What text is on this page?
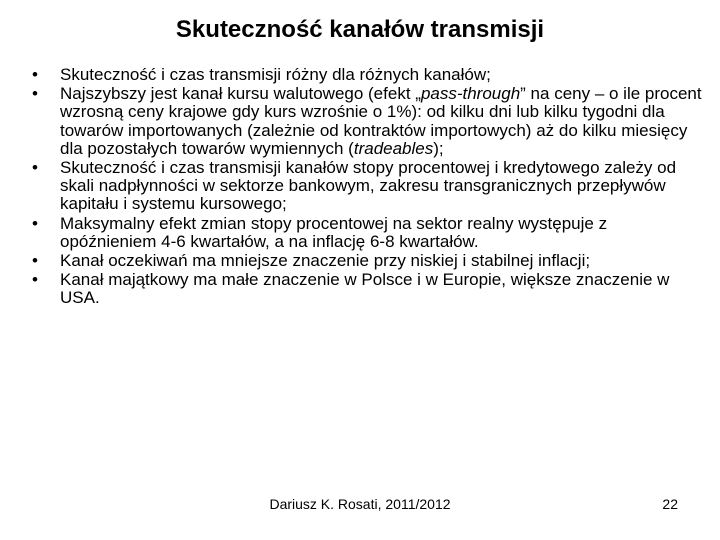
Skuteczność kanałów transmisji
• Skuteczność i czas transmisji różny dla różnych kanałów;
• Najszybszy jest kanał kursu walutowego (efekt „pass-through” na ceny – o ile procent wzrosną ceny krajowe gdy kurs wzrośnie o 1%): od kilku dni lub kilku tygodni dla towarów importowanych (zależnie od kontraktów importowych) aż do kilku miesięcy dla pozostałych towarów wymiennych (tradeables);
• Skuteczność i czas transmisji kanałów stopy procentowej i kredytowego zależy od skali nadpłynności w sektorze bankowym, zakresu transgranicznych przepływów kapitału i systemu kursowego;
• Maksymalny efekt zmian stopy procentowej na sektor realny występuje z opóźnieniem 4-6 kwartałów, a na inflację 6-8 kwartałów.
• Kanał oczekiwań ma mniejsze znaczenie przy niskiej i stabilnej inflacji;
• Kanał majątkowy ma małe znaczenie w Polsce i w Europie, większe znaczenie w USA.
Dariusz K. Rosati, 2011/2012	22
